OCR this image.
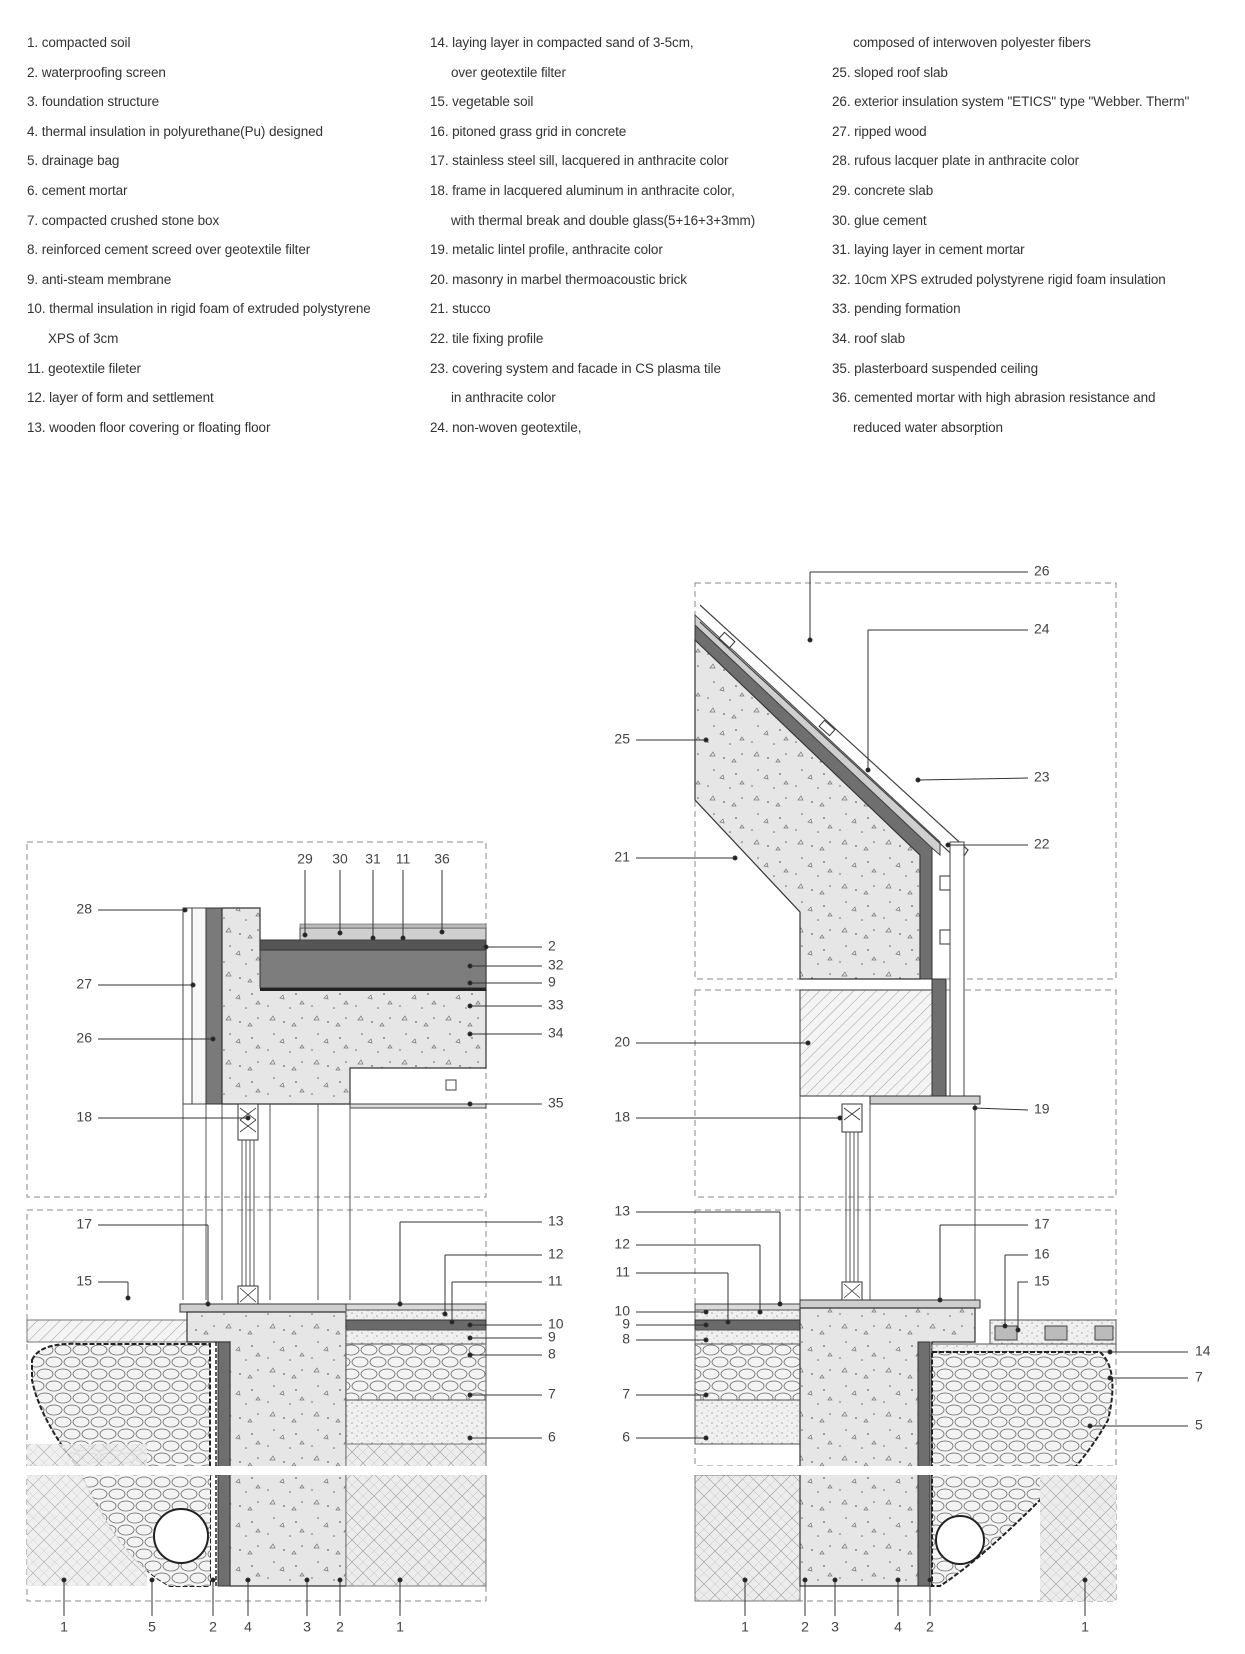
1. compacted soil
2. waterproofing screen
3. foundation structure
4. thermal insulation in polyurethane(Pu) designed
5. drainage bag
6. cement mortar
7. compacted crushed stone box
8. reinforced cement screed over geotextile filter
9. anti-steam membrane
10. thermal insulation in rigid foam of extruded polystyrene
XPS of 3cm
11. geotextile fileter
12. layer of form and settlement
13. wooden floor covering or floating floor
14. laying layer in compacted sand of 3-5cm,
over geotextile filter
15. vegetable soil
16. pitoned grass grid in concrete
17. stainless steel sill, lacquered in anthracite color
18. frame in lacquered aluminum in anthracite color,
with thermal break and double glass(5+16+3+3mm)
19. metalic lintel profile, anthracite color
20. masonry in marbel thermoacoustic brick
21. stucco
22. tile fixing profile
23. covering system and facade in CS plasma tile
in anthracite color
24. non-woven geotextile,
composed of interwoven polyester fibers
25. sloped roof slab
26. exterior insulation system "ETICS" type "Webber. Therm"
27. ripped wood
28. rufous lacquer plate in anthracite color
29. concrete slab
30. glue cement
31. laying layer in cement mortar
32. 10cm XPS extruded polystyrene rigid foam insulation
33. pending formation
34. roof slab
35. plasterboard suspended ceiling
36. cemented mortar with high abrasion resistance and
reduced water absorption
29 30 31 11 36
28
27
26
18
17
15
2
32
9
33
34
35
13
12
11
10
9
8
7
6
1	5	2 4	3 2	1
25
21
20
18
13
12
11
10
9
8
7
6
26
24
23
22
19
17
16
15
14
7
5
1	2 3	4 2	1
